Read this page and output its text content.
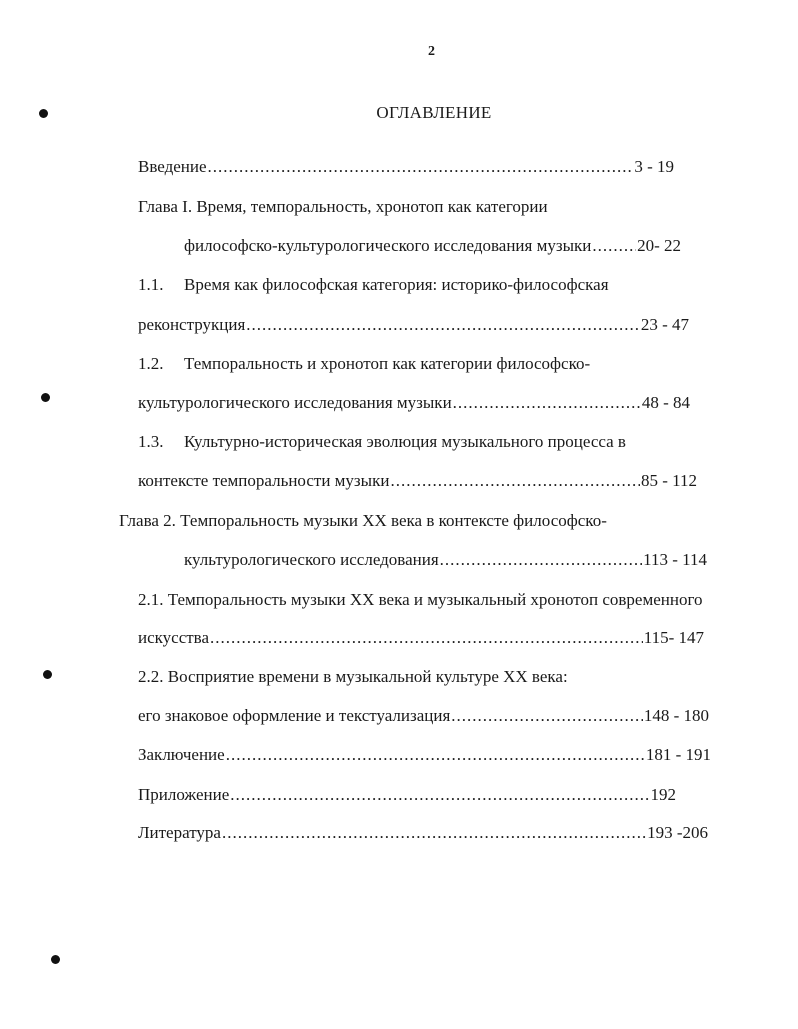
2
ОГЛАВЛЕНИЕ
Введение .....	3 - 19
Глава I. Время, темпоральность, хронотоп как категории
философско-культурологического исследования музыки .....	20- 22
1.1. Время как философская категория: историко-философская
реконструкция .....	23 - 47
1.2. Темпоральность и хронотоп как категории философско-
культурологического исследования музыки .....	48 - 84
1.3. Культурно-историческая эволюция музыкального процесса в
контексте темпоральности музыки .....	85 - 112
Глава 2. Темпоральность музыки XX века в контексте философско-
культурологического исследования .....	113 - 114
2.1. Темпоральность музыки XX века и музыкальный хронотоп современного
искусства .....	115- 147
2.2. Восприятие времени в музыкальной культуре XX века:
его знаковое оформление и текстуализация .....	148 - 180
Заключение .....	181 - 191
Приложение .....	192
Литература .....	193 -206
